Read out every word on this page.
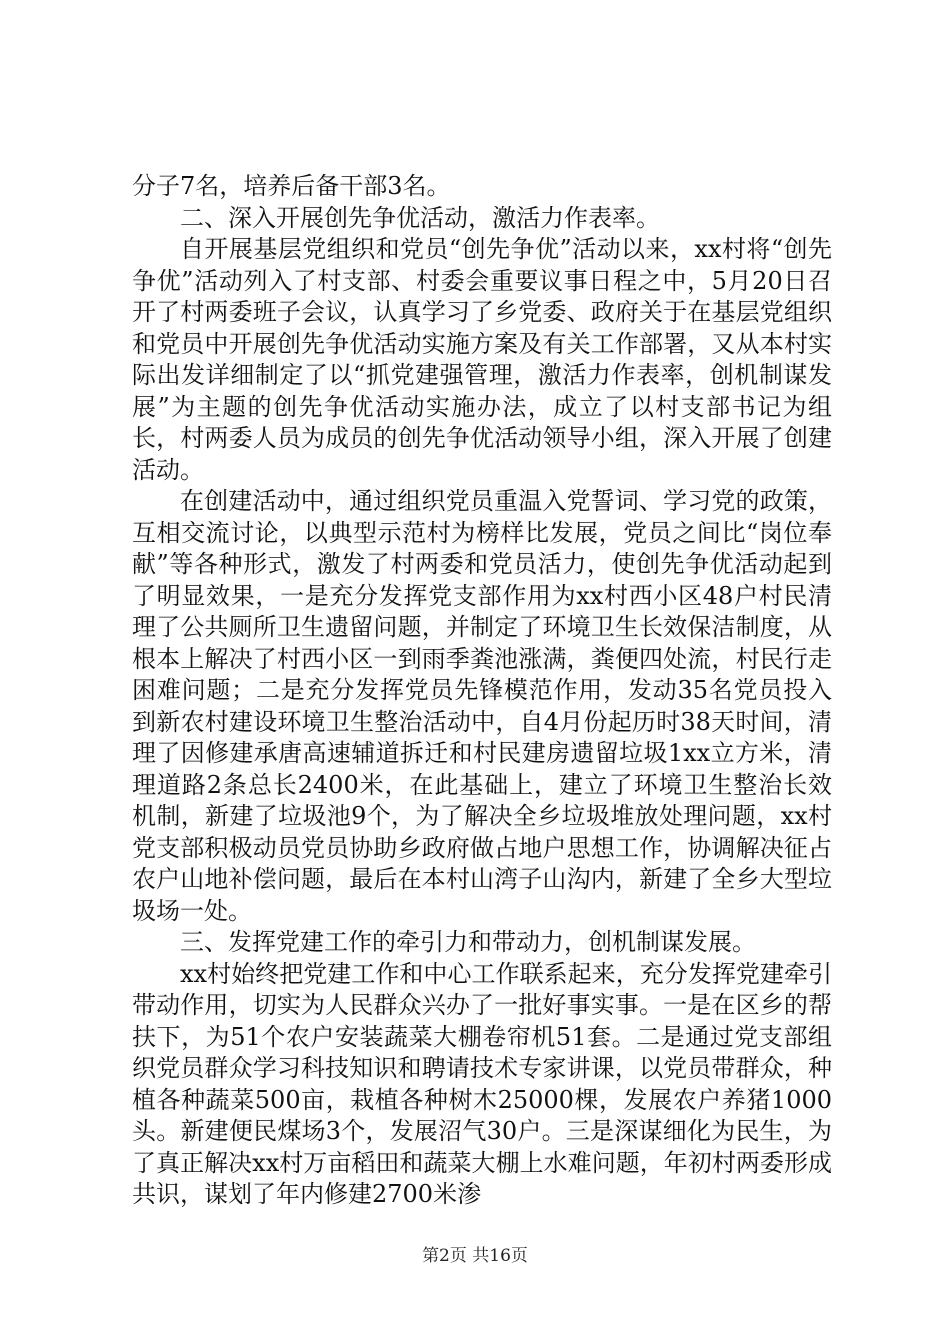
分子7名，培养后备干部3名。

二、深入开展创先争优活动，激活力作表率。

自开展基层党组织和党员“创先争优”活动以来，xx村将“创先争优”活动列入了村支部、村委会重要议事日程之中，5月20日召开了村两委班子会议，认真学习了乡党委、政府关于在基层党组织和党员中开展创先争优活动实施方案及有关工作部署，又从本村实际出发详细制定了以“抓党建强管理，激活力作表率，创机制谋发展”为主题的创先争优活动实施办法，成立了以村支部书记为组长，村两委人员为成员的创先争优活动领导小组，深入开展了创建活动。

在创建活动中，通过组织党员重温入党誓词、学习党的政策，互相交流讨论，以典型示范村为榜样比发展，党员之间比“岗位奉献”等各种形式，激发了村两委和党员活力，使创先争优活动起到了明显效果，一是充分发挥党支部作用为xx村西小区48户村民清理了公共厕所卫生遗留问题，并制定了环境卫生长效保洁制度，从根本上解决了村西小区一到雨季粪池涨满，粪便四处流，村民行走困难问题；二是充分发挥党员先锋模范作用，发动35名党员投入到新农村建设环境卫生整治活动中，自4月份起历时38天时间，清理了因修建承唐高速辅道拆迁和村民建房遗留垃圾1xx立方米，清理道路2条总长2400米，在此基础上，建立了环境卫生整治长效机制，新建了垃圾池9个，为了解决全乡垃圾堆放处理问题，xx村党支部积极动员党员协助乡政府做占地户思想工作，协调解决征占农户山地补偿问题，最后在本村山湾子山沟内，新建了全乡大型垃圾场一处。

三、发挥党建工作的牵引力和带动力，创机制谋发展。

xx村始终把党建工作和中心工作联系起来，充分发挥党建牵引带动作用，切实为人民群众兴办了一批好事实事。一是在区乡的帮扶下，为51个农户安装蔬菜大棚卷帘机51套。二是通过党支部组织党员群众学习科技知识和聘请技术专家讲课，以党员带群众，种植各种蔬菜500亩，栽植各种树木25000棵，发展农户养猪1000头。新建便民煤场3个，发展沼气30户。三是深谋细化为民生，为了真正解决xx村万亩稻田和蔬菜大棚上水难问题，年初村两委形成共识，谋划了年内修建2700米渗

第2页 共16页
